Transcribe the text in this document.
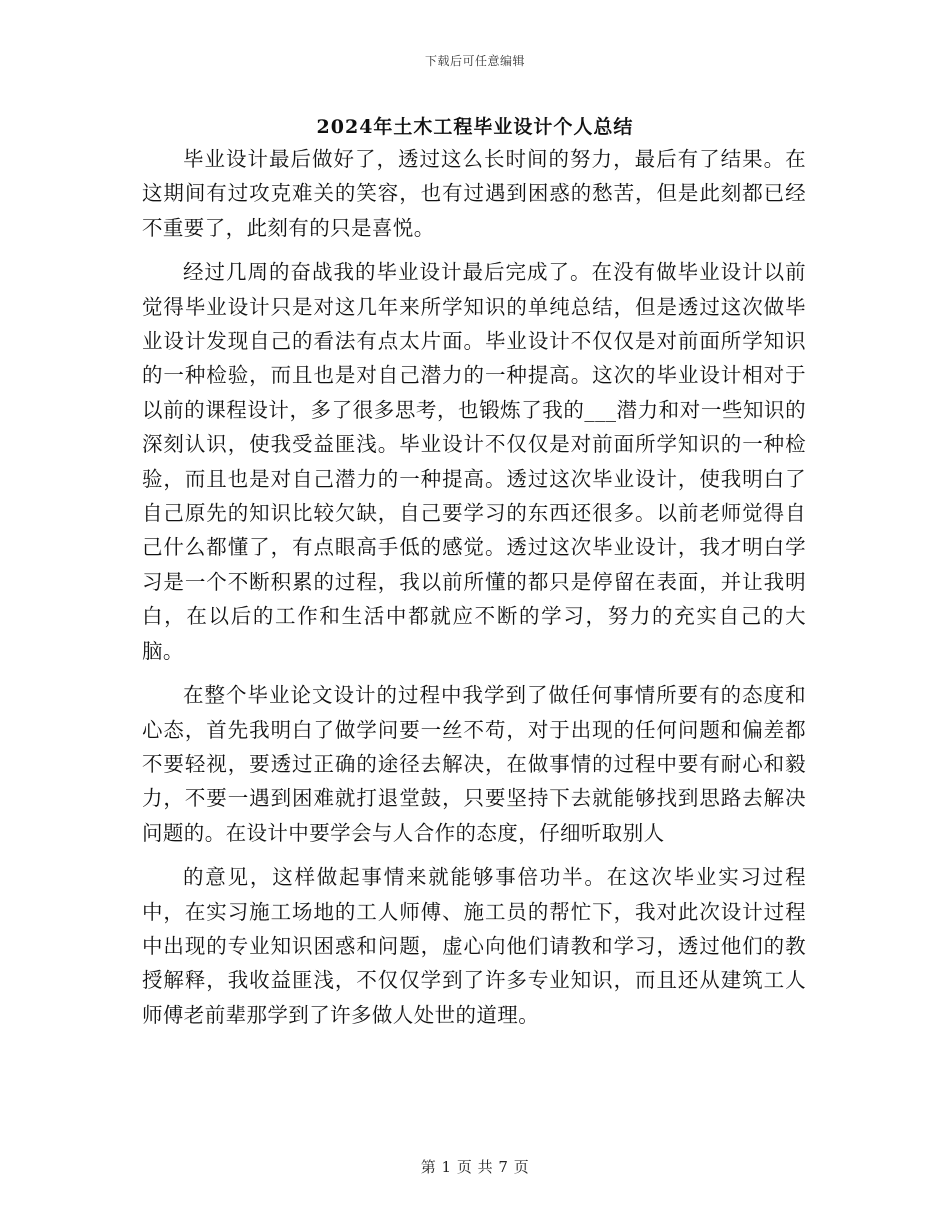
下载后可任意编辑
2024年土木工程毕业设计个人总结

毕业设计最后做好了，透过这么长时间的努力，最后有了结果。在这期间有过攻克难关的笑容，也有过遇到困惑的愁苦，但是此刻都已经不重要了，此刻有的只是喜悦。

经过几周的奋战我的毕业设计最后完成了。在没有做毕业设计以前觉得毕业设计只是对这几年来所学知识的单纯总结，但是透过这次做毕业设计发现自己的看法有点太片面。毕业设计不仅仅是对前面所学知识的一种检验，而且也是对自己潜力的一种提高。这次的毕业设计相对于以前的课程设计，多了很多思考，也锻炼了我的___潜力和对一些知识的深刻认识，使我受益匪浅。毕业设计不仅仅是对前面所学知识的一种检验，而且也是对自己潜力的一种提高。透过这次毕业设计，使我明白了自己原先的知识比较欠缺，自己要学习的东西还很多。以前老师觉得自己什么都懂了，有点眼高手低的感觉。透过这次毕业设计，我才明白学习是一个不断积累的过程，我以前所懂的都只是停留在表面，并让我明白，在以后的工作和生活中都就应不断的学习，努力的充实自己的大脑。

在整个毕业论文设计的过程中我学到了做任何事情所要有的态度和心态，首先我明白了做学问要一丝不苟，对于出现的任何问题和偏差都不要轻视，要透过正确的途径去解决，在做事情的过程中要有耐心和毅力，不要一遇到困难就打退堂鼓，只要坚持下去就能够找到思路去解决问题的。在设计中要学会与人合作的态度，仔细听取别人

的意见，这样做起事情来就能够事倍功半。在这次毕业实习过程中，在实习施工场地的工人师傅、施工员的帮忙下，我对此次设计过程中出现的专业知识困惑和问题，虚心向他们请教和学习，透过他们的教授解释，我收益匪浅，不仅仅学到了许多专业知识，而且还从建筑工人师傅老前辈那学到了许多做人处世的道理。

第 1 页 共 7 页
